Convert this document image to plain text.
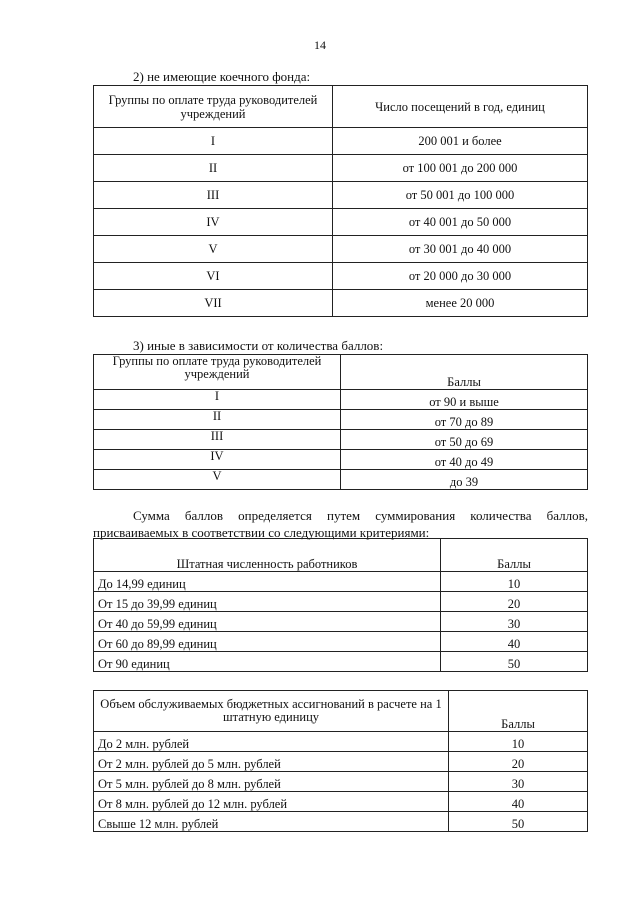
14
2) не имеющие коечного фонда:
Группы по оплате труда руководителей учреждений	Число посещений в год, единиц
I	200 001 и более
II	от 100 001 до 200 000
III	от 50 001 до 100 000
IV	от 40 001 до 50 000
V	от 30 001 до 40 000
VI	от 20 000 до 30 000
VII	менее 20 000
3) иные в зависимости от количества баллов:
Группы по оплате труда руководителей учреждений	Баллы
I	от 90 и выше
II	от 70 до 89
III	от 50 до 69
IV	от 40 до 49
V	до 39

Сумма баллов определяется путем суммирования количества баллов, присваиваемых в соответствии со следующими критериями:

Штатная численность работников	Баллы
До 14,99 единиц	10
От 15 до 39,99 единиц	20
От 40 до 59,99 единиц	30
От 60 до 89,99 единиц	40
От 90 единиц	50
Объем обслуживаемых бюджетных ассигнований в расчете на 1 штатную единицу	Баллы
До 2 млн. рублей	10
От 2 млн. рублей до 5 млн. рублей	20
От 5 млн. рублей до 8 млн. рублей	30
От 8 млн. рублей до 12 млн. рублей	40
Свыше 12 млн. рублей	50
